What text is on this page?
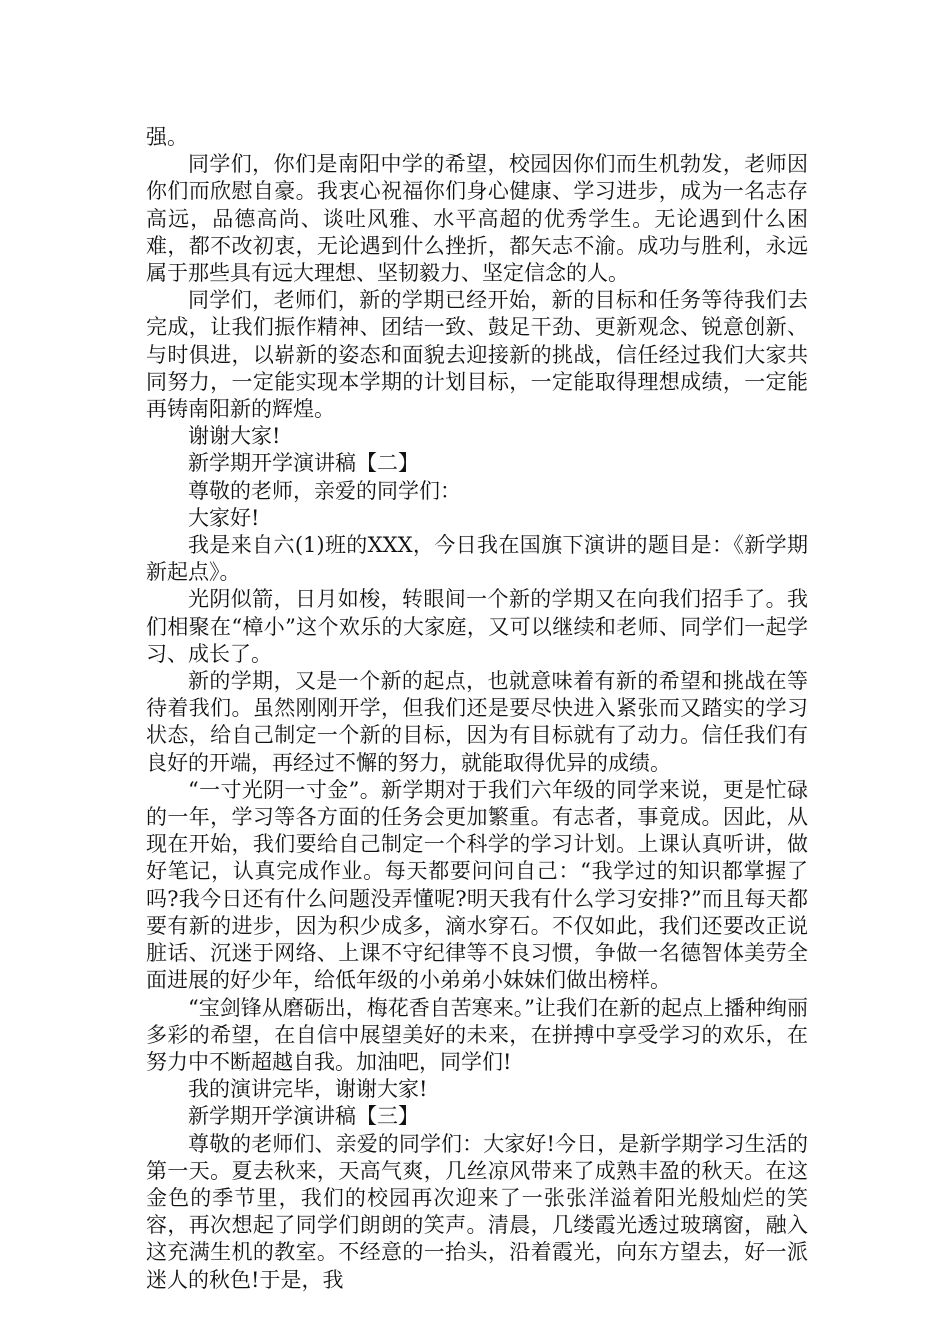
强。

同学们，你们是南阳中学的希望，校园因你们而生机勃发，老师因你们而欣慰自豪。我衷心祝福你们身心健康、学习进步，成为一名志存高远，品德高尚、谈吐风雅、水平高超的优秀学生。无论遇到什么困难，都不改初衷，无论遇到什么挫折，都矢志不渝。成功与胜利，永远属于那些具有远大理想、坚韧毅力、坚定信念的人。

同学们，老师们，新的学期已经开始，新的目标和任务等待我们去完成，让我们振作精神、团结一致、鼓足干劲、更新观念、锐意创新、与时俱进，以崭新的姿态和面貌去迎接新的挑战，信任经过我们大家共同努力，一定能实现本学期的计划目标，一定能取得理想成绩，一定能再铸南阳新的辉煌。

谢谢大家!

新学期开学演讲稿【二】

尊敬的老师，亲爱的同学们：

大家好!

我是来自六(1)班的XXX，今日我在国旗下演讲的题目是：《新学期新起点》。

光阴似箭，日月如梭，转眼间一个新的学期又在向我们招手了。我们相聚在“樟小”这个欢乐的大家庭，又可以继续和老师、同学们一起学习、成长了。

新的学期，又是一个新的起点，也就意味着有新的希望和挑战在等待着我们。虽然刚刚开学，但我们还是要尽快进入紧张而又踏实的学习状态，给自己制定一个新的目标，因为有目标就有了动力。信任我们有良好的开端，再经过不懈的努力，就能取得优异的成绩。

“一寸光阴一寸金”。新学期对于我们六年级的同学来说，更是忙碌的一年，学习等各方面的任务会更加繁重。有志者，事竟成。因此，从现在开始，我们要给自己制定一个科学的学习计划。上课认真听讲，做好笔记，认真完成作业。每天都要问问自己：“我学过的知识都掌握了吗?我今日还有什么问题没弄懂呢?明天我有什么学习安排?”而且每天都要有新的进步，因为积少成多，滴水穿石。不仅如此，我们还要改正说脏话、沉迷于网络、上课不守纪律等不良习惯，争做一名德智体美劳全面进展的好少年，给低年级的小弟弟小妹妹们做出榜样。

“宝剑锋从磨砺出，梅花香自苦寒来。”让我们在新的起点上播种绚丽多彩的希望，在自信中展望美好的未来，在拼搏中享受学习的欢乐，在努力中不断超越自我。加油吧，同学们!

我的演讲完毕，谢谢大家!

新学期开学演讲稿【三】

尊敬的老师们、亲爱的同学们：大家好!今日，是新学期学习生活的第一天。夏去秋来，天高气爽，几丝凉风带来了成熟丰盈的秋天。在这金色的季节里，我们的校园再次迎来了一张张洋溢着阳光般灿烂的笑容，再次想起了同学们朗朗的笑声。清晨，几缕霞光透过玻璃窗，融入这充满生机的教室。不经意的一抬头，沿着霞光，向东方望去，好一派迷人的秋色!于是，我
